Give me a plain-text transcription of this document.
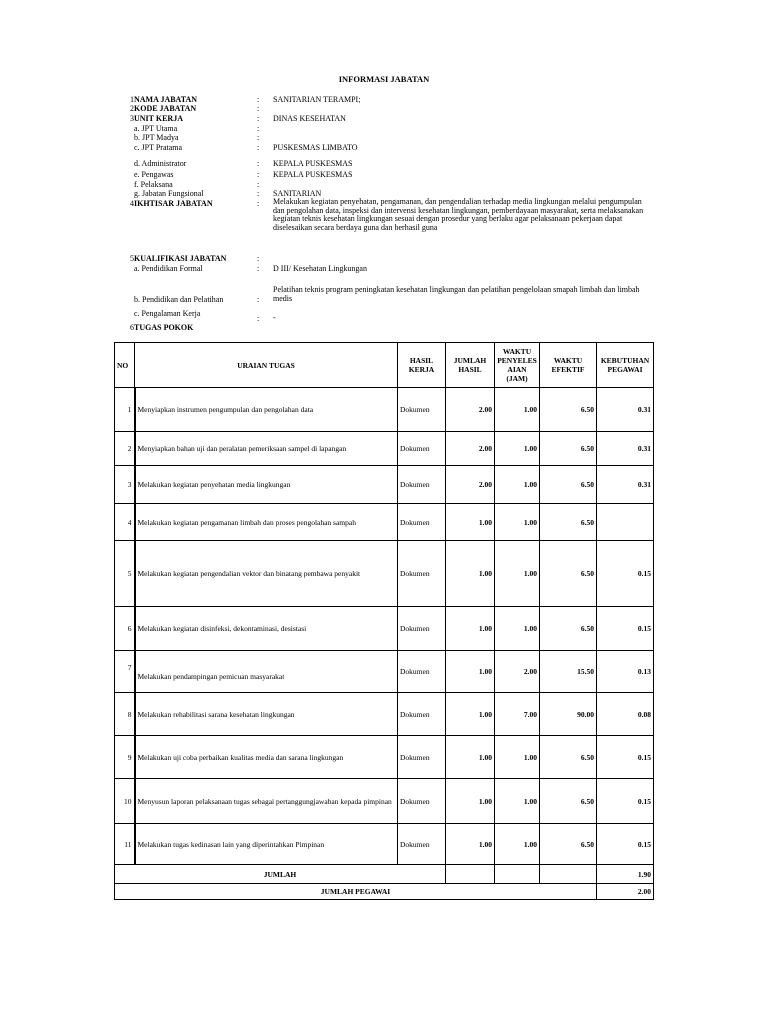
INFORMASI JABATAN
1 NAMA JABATAN	: SANITARIAN TERAMPI;
2 KODE JABATAN	:
3 UNIT KERJA	: DINAS KESEHATAN
a. JPT Utama	:
b. JPT Madya	:
c. JPT Pratama	: PUSKESMAS LIMBATO
d. Administrator	: KEPALA PUSKESMAS
e. Pengawas	: KEPALA PUSKESMAS
f. Pelaksana	:
g. Jabatan Fungsional	: SANITARIAN
4 IKHTISAR JABATAN	: Melakukan kegiatan penyehatan, pengamanan, dan pengendalian terhadap media lingkungan melalui pengumpulan dan pengolahan data, inspeksi dan intervensi kesehatan lingkungan, pemberdayaan masyarakat, serta melaksanakan kegiatan teknis kesehatan lingkungan sesuai dengan prosedur yang berlaku agar pelaksanaan pekerjaan dapat diselesaikan secara berdaya guna dan berhasil guna
5 KUALIFIKASI JABATAN	:
a. Pendidikan Formal	: D III/ Kesehatan Lingkungan
b. Pendidikan dan Pelatihan	:
Pelatihan teknis program peningkatan kesehatan lingkungan dan pelatihan pengelolaan smapah limbah dan limbah medis
c. Pengalaman Kerja
: -
6 TUGAS POKOK
NO	URAIAN TUGAS	HASIL KERJA	JUMLAH HASIL	WAKTU PENYELES AIAN (JAM)	WAKTU EFEKTIF	KEBUTUHAN PEGAWAI
1	Menyiapkan instrumen pengumpulan dan pengolahan data	Dokumen	2.00	1.00	6.50	0.31
2	Menyiapkan bahan uji dan peralatan pemeriksaan sampel di lapangan	Dokumen	2.00	1.00	6.50	0.31
3	Melakukan kegiatan penyehatan media lingkungan	Dokumen	2.00	1.00	6.50	0.31
4	Melakukan kegiatan pengamanan limbah dan proses pengolahan sampah	Dokumen	1.00	1.00	6.50	
5	Melakukan kegiatan pengendalian vektor dan binatang pembawa penyakit	Dokumen	1.00	1.00	6.50	0.15
6	Melakukan kegiatan disinfeksi, dekontaminasi, desistasi	Dokumen	1.00	1.00	6.50	0.15
7	Melakukan pendampingan pemicuan masyarakat	Dokumen	1.00	2.00	15.50	0.13
8	Melakukan rehabilitasi sarana kesehatan lingkungan	Dokumen	1.00	7.00	90.00	0.08
9	Melakukan uji coba perbaikan kualitas media dan sarana lingkungan	Dokumen	1.00	1.00	6.50	0.15
10	Menyusun laporan pelaksanaan tugas sebagai pertanggungjawaban kepada pimpinan	Dokumen	1.00	1.00	6.50	0.15
11	Melakukan tugas kedinasan lain yang diperintahkan Pimpinan	Dokumen	1.00	1.00	6.50	0.15
JUMLAH						1.90
JUMLAH PEGAWAI						2.00
